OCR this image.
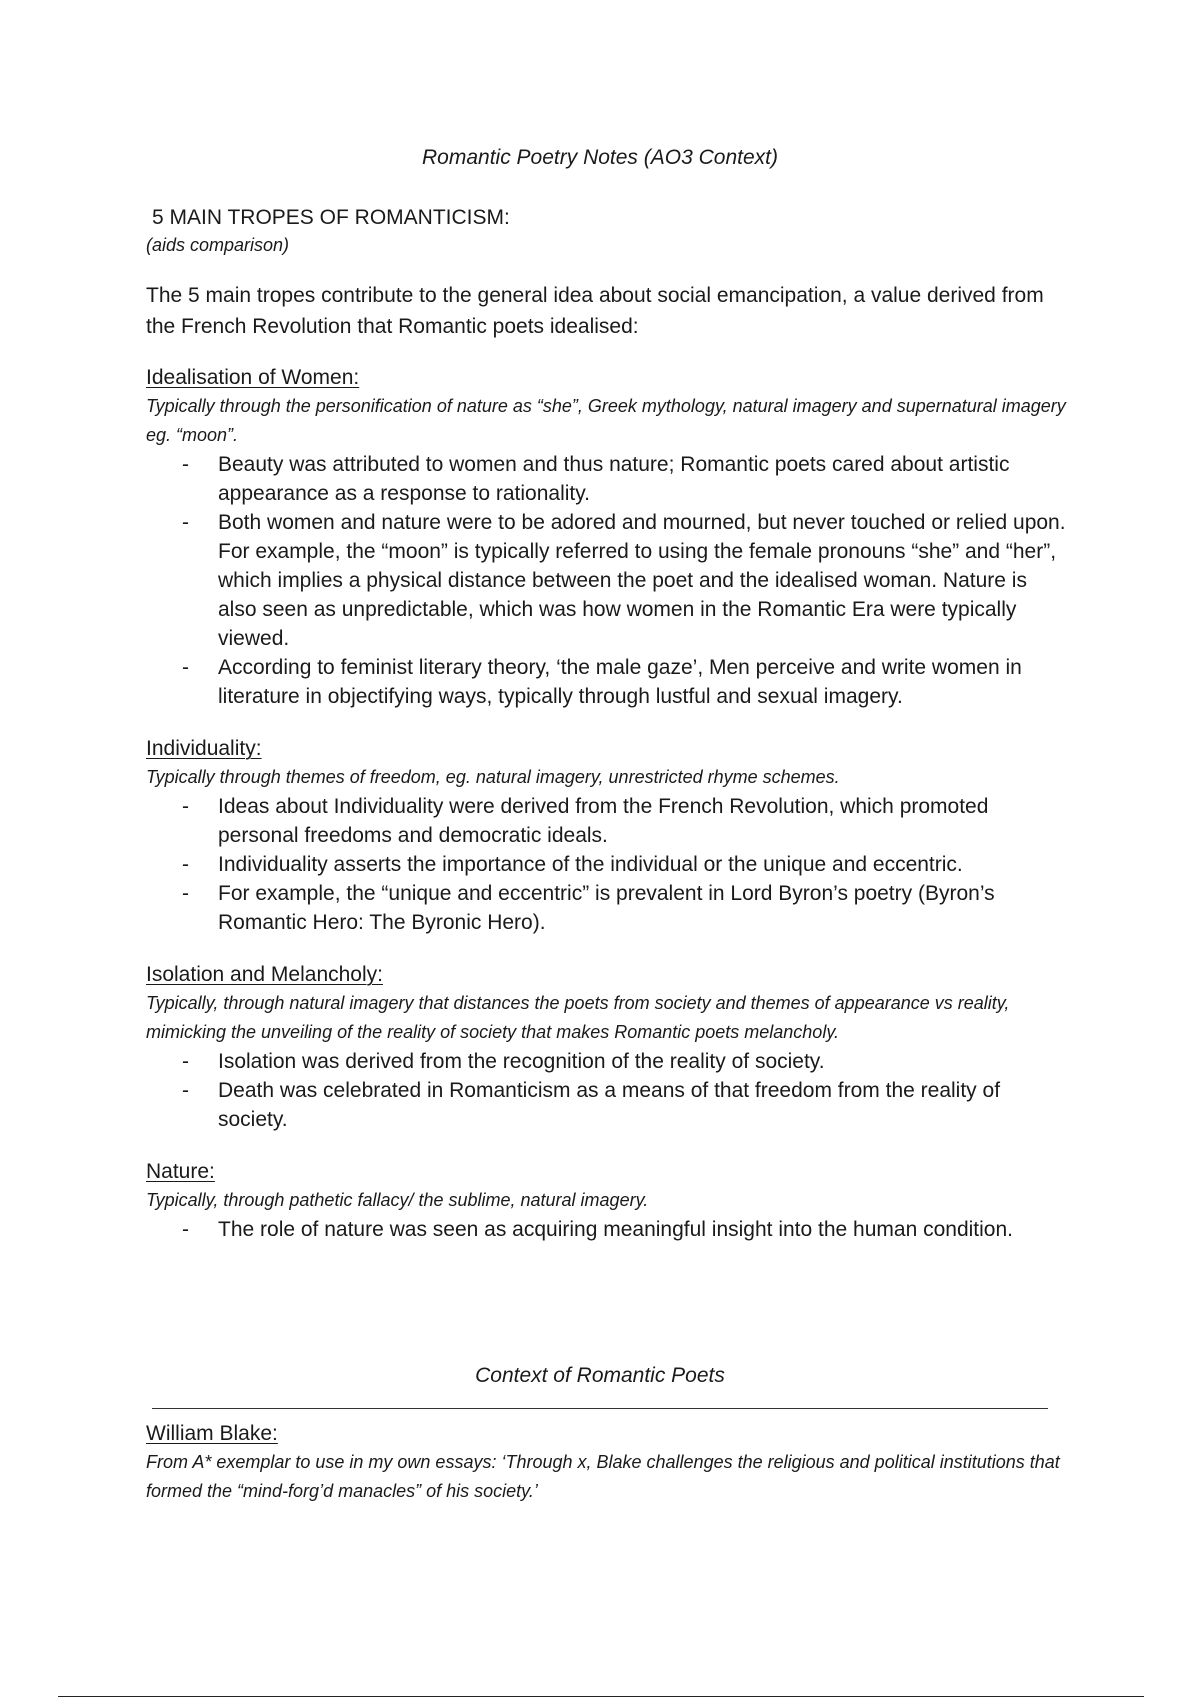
Romantic Poetry Notes (AO3 Context)

5 MAIN TROPES OF ROMANTICISM:

(aids comparison)

The 5 main tropes contribute to the general idea about social emancipation, a value derived from the French Revolution that Romantic poets idealised:

Idealisation of Women:

Typically through the personification of nature as “she”, Greek mythology, natural imagery and supernatural imagery eg. “moon”.

- Beauty was attributed to women and thus nature; Romantic poets cared about artistic appearance as a response to rationality.
- Both women and nature were to be adored and mourned, but never touched or relied upon. For example, the “moon” is typically referred to using the female pronouns “she” and “her”, which implies a physical distance between the poet and the idealised woman. Nature is also seen as unpredictable, which was how women in the Romantic Era were typically viewed.
- According to feminist literary theory, ‘the male gaze’, Men perceive and write women in literature in objectifying ways, typically through lustful and sexual imagery.

Individuality:

Typically through themes of freedom, eg. natural imagery, unrestricted rhyme schemes.

- Ideas about Individuality were derived from the French Revolution, which promoted personal freedoms and democratic ideals.
- Individuality asserts the importance of the individual or the unique and eccentric.
- For example, the “unique and eccentric” is prevalent in Lord Byron’s poetry (Byron’s Romantic Hero: The Byronic Hero).

Isolation and Melancholy:

Typically, through natural imagery that distances the poets from society and themes of appearance vs reality, mimicking the unveiling of the reality of society that makes Romantic poets melancholy.

- Isolation was derived from the recognition of the reality of society.
- Death was celebrated in Romanticism as a means of that freedom from the reality of society.

Nature:

Typically, through pathetic fallacy/ the sublime, natural imagery.

- The role of nature was seen as acquiring meaningful insight into the human condition.
Context of Romantic Poets

William Blake:

From A* exemplar to use in my own essays: ‘Through x, Blake challenges the religious and political institutions that formed the “mind-forg’d manacles” of his society.’
